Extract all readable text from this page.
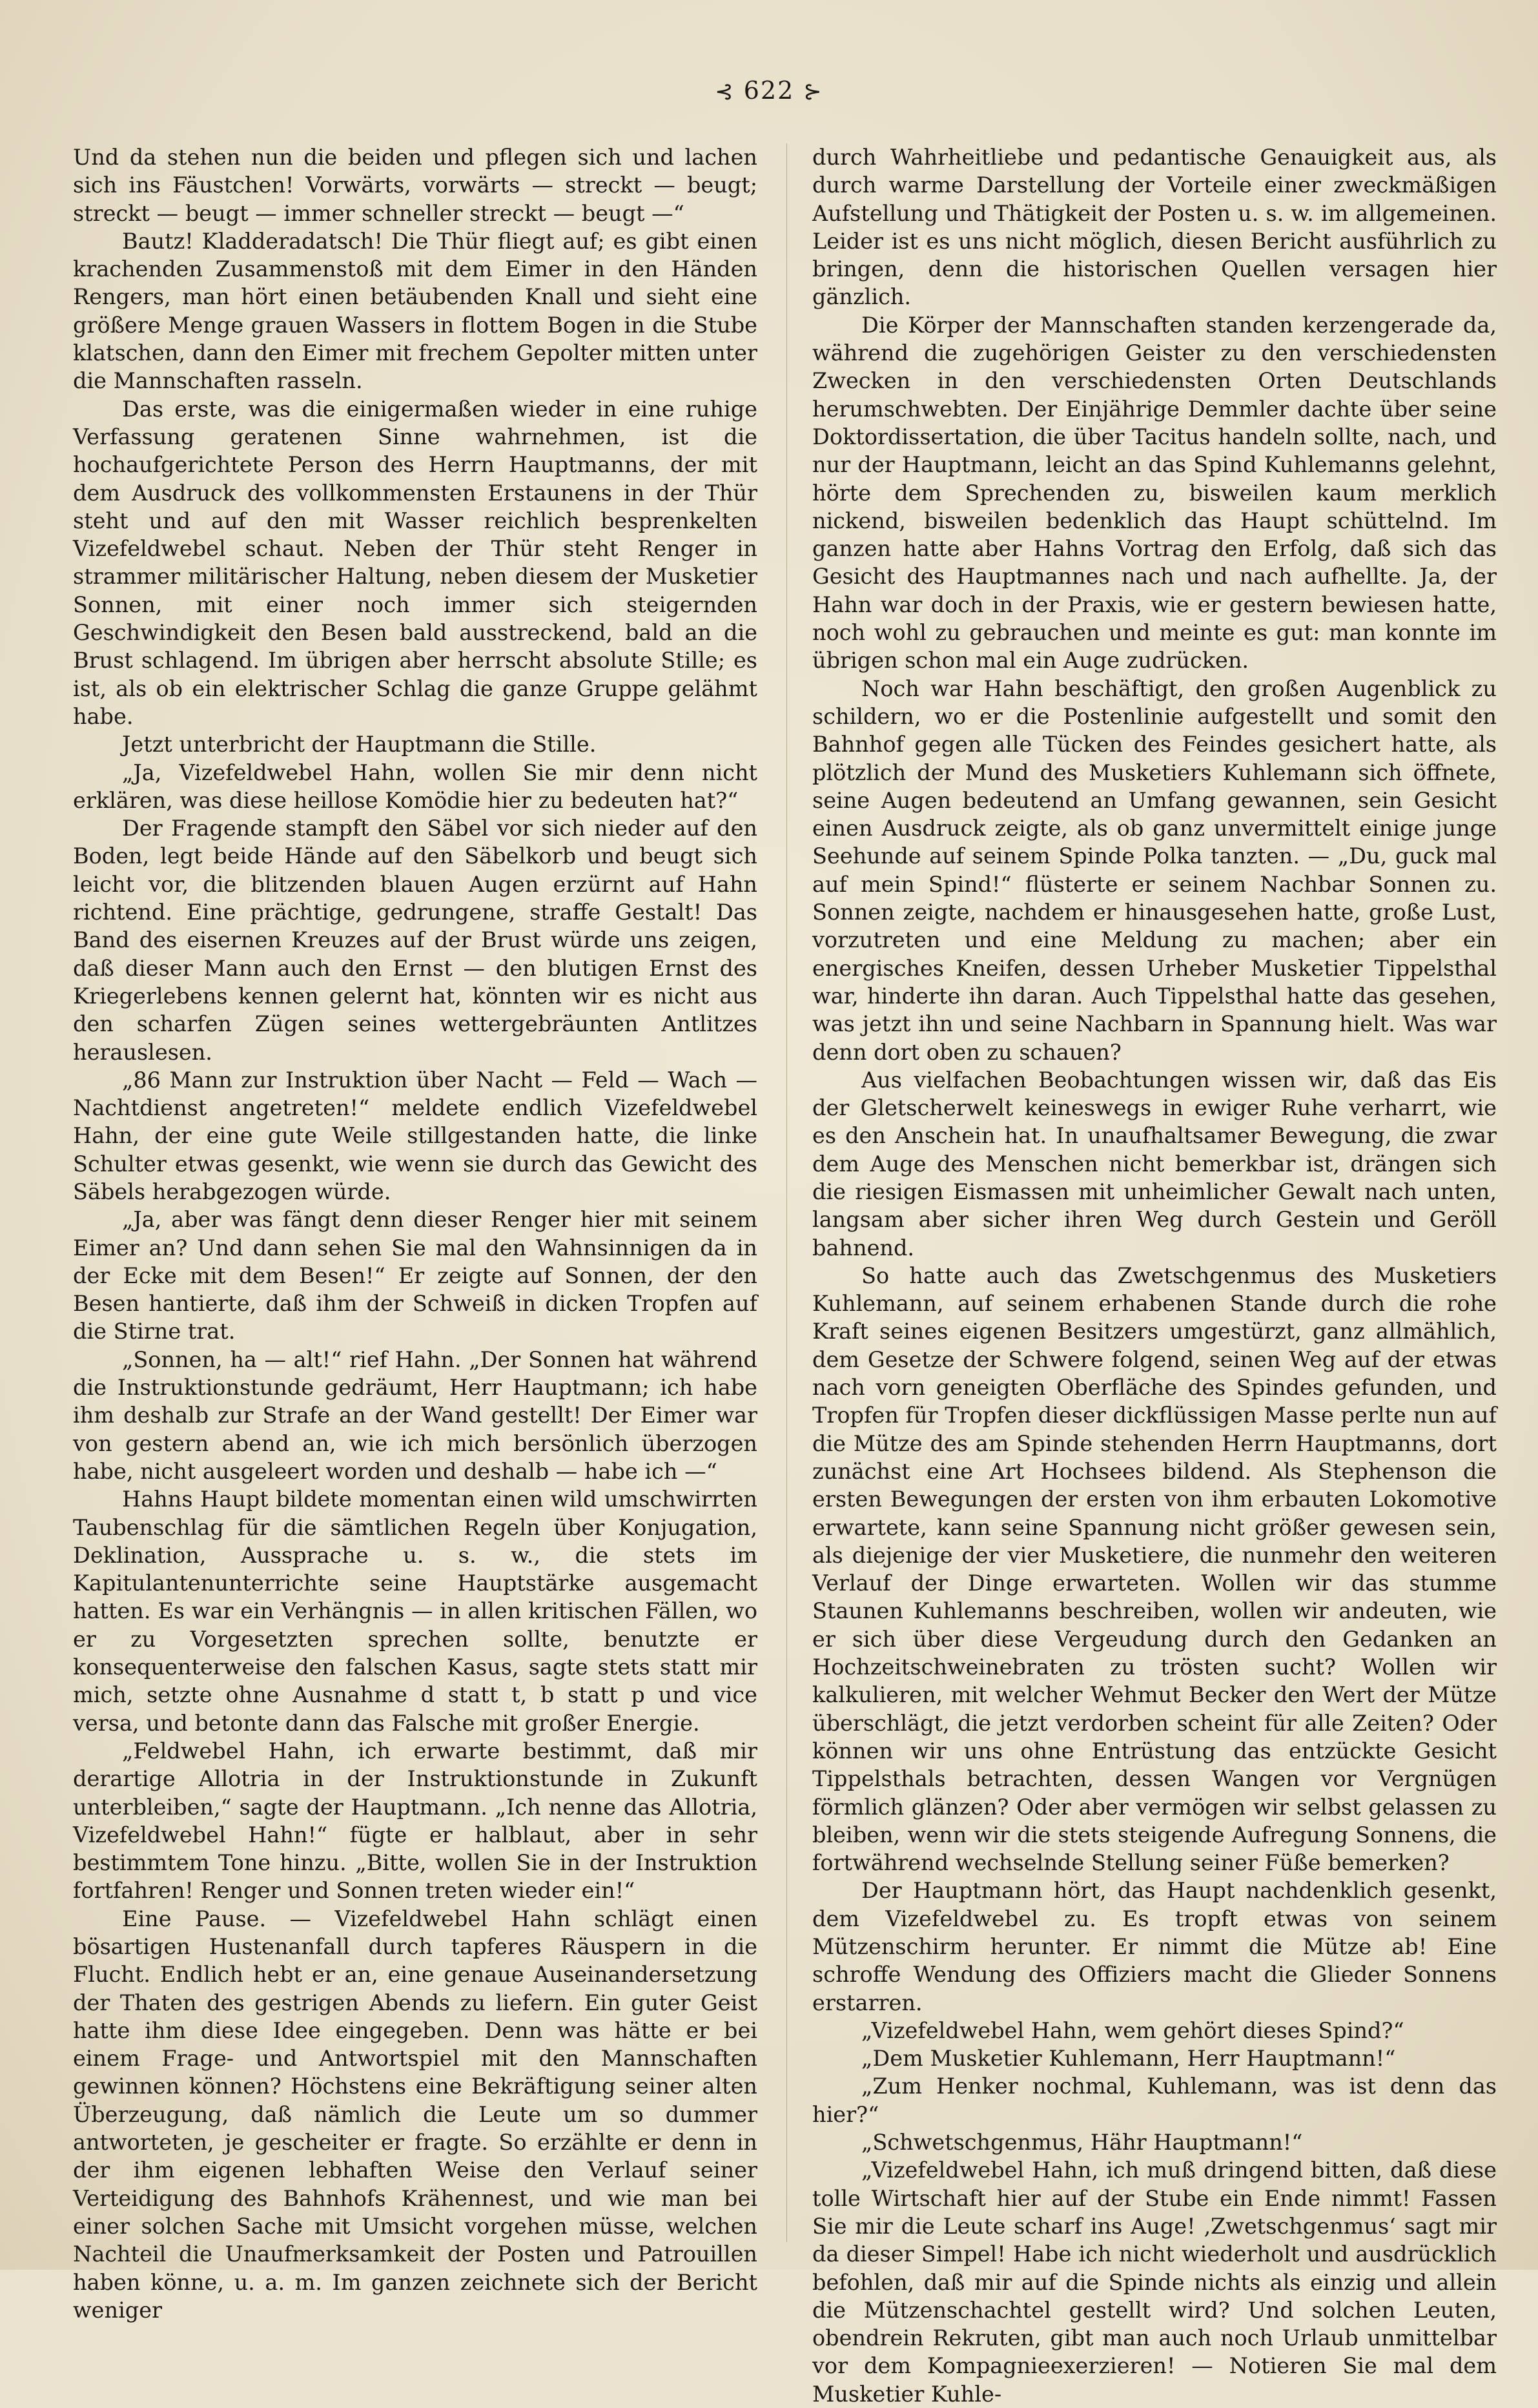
⊰ 622 ⊱

Und da stehen nun die beiden und pflegen sich und lachen sich ins Fäustchen! Vorwärts, vorwärts — streckt — beugt; streckt — beugt — immer schneller streckt — beugt —“

Bautz! Kladderadatsch! Die Thür fliegt auf; es gibt einen krachenden Zusammenstoß mit dem Eimer in den Händen Rengers, man hört einen betäubenden Knall und sieht eine größere Menge grauen Wassers in flottem Bogen in die Stube klatschen, dann den Eimer mit frechem Gepolter mitten unter die Mannschaften rasseln.

Das erste, was die einigermaßen wieder in eine ruhige Verfassung geratenen Sinne wahrnehmen, ist die hochaufgerichtete Person des Herrn Hauptmanns, der mit dem Ausdruck des vollkommensten Erstaunens in der Thür steht und auf den mit Wasser reichlich besprenkelten Vizefeldwebel schaut. Neben der Thür steht Renger in strammer militärischer Haltung, neben diesem der Musketier Sonnen, mit einer noch immer sich steigernden Geschwindigkeit den Besen bald ausstreckend, bald an die Brust schlagend. Im übrigen aber herrscht absolute Stille; es ist, als ob ein elektrischer Schlag die ganze Gruppe gelähmt habe.

Jetzt unterbricht der Hauptmann die Stille.

„Ja, Vizefeldwebel Hahn, wollen Sie mir denn nicht erklären, was diese heillose Komödie hier zu bedeuten hat?“

Der Fragende stampft den Säbel vor sich nieder auf den Boden, legt beide Hände auf den Säbelkorb und beugt sich leicht vor, die blitzenden blauen Augen erzürnt auf Hahn richtend. Eine prächtige, gedrungene, straffe Gestalt! Das Band des eisernen Kreuzes auf der Brust würde uns zeigen, daß dieser Mann auch den Ernst — den blutigen Ernst des Kriegerlebens kennen gelernt hat, könnten wir es nicht aus den scharfen Zügen seines wettergebräunten Antlitzes herauslesen.

„86 Mann zur Instruktion über Nacht — Feld — Wach — Nachtdienst angetreten!“ meldete endlich Vizefeldwebel Hahn, der eine gute Weile stillgestanden hatte, die linke Schulter etwas gesenkt, wie wenn sie durch das Gewicht des Säbels herabgezogen würde.

„Ja, aber was fängt denn dieser Renger hier mit seinem Eimer an? Und dann sehen Sie mal den Wahnsinnigen da in der Ecke mit dem Besen!“ Er zeigte auf Sonnen, der den Besen hantierte, daß ihm der Schweiß in dicken Tropfen auf die Stirne trat.

„Sonnen, ha — alt!“ rief Hahn. „Der Sonnen hat während die Instruktionstunde gedräumt, Herr Hauptmann; ich habe ihm deshalb zur Strafe an der Wand gestellt! Der Eimer war von gestern abend an, wie ich mich bersönlich überzogen habe, nicht ausgeleert worden und deshalb — habe ich —“

Hahns Haupt bildete momentan einen wild umschwirrten Taubenschlag für die sämtlichen Regeln über Konjugation, Deklination, Aussprache u. s. w., die stets im Kapitulantenunterrichte seine Hauptstärke ausgemacht hatten. Es war ein Verhängnis — in allen kritischen Fällen, wo er zu Vorgesetzten sprechen sollte, benutzte er konsequenterweise den falschen Kasus, sagte stets statt mir mich, setzte ohne Ausnahme d statt t, b statt p und vice versa, und betonte dann das Falsche mit großer Energie.

„Feldwebel Hahn, ich erwarte bestimmt, daß mir derartige Allotria in der Instruktionstunde in Zukunft unterbleiben,“ sagte der Hauptmann. „Ich nenne das Allotria, Vizefeldwebel Hahn!“ fügte er halblaut, aber in sehr bestimmtem Tone hinzu. „Bitte, wollen Sie in der Instruktion fortfahren! Renger und Sonnen treten wieder ein!“

Eine Pause. — Vizefeldwebel Hahn schlägt einen bösartigen Hustenanfall durch tapferes Räuspern in die Flucht. Endlich hebt er an, eine genaue Auseinandersetzung der Thaten des gestrigen Abends zu liefern. Ein guter Geist hatte ihm diese Idee eingegeben. Denn was hätte er bei einem Frage- und Antwortspiel mit den Mannschaften gewinnen können? Höchstens eine Bekräftigung seiner alten Überzeugung, daß nämlich die Leute um so dummer antworteten, je gescheiter er fragte. So erzählte er denn in der ihm eigenen lebhaften Weise den Verlauf seiner Verteidigung des Bahnhofs Krähennest, und wie man bei einer solchen Sache mit Umsicht vorgehen müsse, welchen Nachteil die Unaufmerksamkeit der Posten und Patrouillen haben könne, u. a. m. Im ganzen zeichnete sich der Bericht weniger

durch Wahrheitliebe und pedantische Genauigkeit aus, als durch warme Darstellung der Vorteile einer zweckmäßigen Aufstellung und Thätigkeit der Posten u. s. w. im allgemeinen. Leider ist es uns nicht möglich, diesen Bericht ausführlich zu bringen, denn die historischen Quellen versagen hier gänzlich.

Die Körper der Mannschaften standen kerzengerade da, während die zugehörigen Geister zu den verschiedensten Zwecken in den verschiedensten Orten Deutschlands herumschwebten. Der Einjährige Demmler dachte über seine Doktordissertation, die über Tacitus handeln sollte, nach, und nur der Hauptmann, leicht an das Spind Kuhlemanns gelehnt, hörte dem Sprechenden zu, bisweilen kaum merklich nickend, bisweilen bedenklich das Haupt schüttelnd. Im ganzen hatte aber Hahns Vortrag den Erfolg, daß sich das Gesicht des Hauptmannes nach und nach aufhellte. Ja, der Hahn war doch in der Praxis, wie er gestern bewiesen hatte, noch wohl zu gebrauchen und meinte es gut: man konnte im übrigen schon mal ein Auge zudrücken.

Noch war Hahn beschäftigt, den großen Augenblick zu schildern, wo er die Postenlinie aufgestellt und somit den Bahnhof gegen alle Tücken des Feindes gesichert hatte, als plötzlich der Mund des Musketiers Kuhlemann sich öffnete, seine Augen bedeutend an Umfang gewannen, sein Gesicht einen Ausdruck zeigte, als ob ganz unvermittelt einige junge Seehunde auf seinem Spinde Polka tanzten. — „Du, guck mal auf mein Spind!“ flüsterte er seinem Nachbar Sonnen zu. Sonnen zeigte, nachdem er hinausgesehen hatte, große Lust, vorzutreten und eine Meldung zu machen; aber ein energisches Kneifen, dessen Urheber Musketier Tippelsthal war, hinderte ihn daran. Auch Tippelsthal hatte das gesehen, was jetzt ihn und seine Nachbarn in Spannung hielt. Was war denn dort oben zu schauen?

Aus vielfachen Beobachtungen wissen wir, daß das Eis der Gletscherwelt keineswegs in ewiger Ruhe verharrt, wie es den Anschein hat. In unaufhaltsamer Bewegung, die zwar dem Auge des Menschen nicht bemerkbar ist, drängen sich die riesigen Eismassen mit unheimlicher Gewalt nach unten, langsam aber sicher ihren Weg durch Gestein und Geröll bahnend.

So hatte auch das Zwetschgenmus des Musketiers Kuhlemann, auf seinem erhabenen Stande durch die rohe Kraft seines eigenen Besitzers umgestürzt, ganz allmählich, dem Gesetze der Schwere folgend, seinen Weg auf der etwas nach vorn geneigten Oberfläche des Spindes gefunden, und Tropfen für Tropfen dieser dickflüssigen Masse perlte nun auf die Mütze des am Spinde stehenden Herrn Hauptmanns, dort zunächst eine Art Hochsees bildend. Als Stephenson die ersten Bewegungen der ersten von ihm erbauten Lokomotive erwartete, kann seine Spannung nicht größer gewesen sein, als diejenige der vier Musketiere, die nunmehr den weiteren Verlauf der Dinge erwarteten. Wollen wir das stumme Staunen Kuhlemanns beschreiben, wollen wir andeuten, wie er sich über diese Vergeudung durch den Gedanken an Hochzeitschweinebraten zu trösten sucht? Wollen wir kalkulieren, mit welcher Wehmut Becker den Wert der Mütze überschlägt, die jetzt verdorben scheint für alle Zeiten? Oder können wir uns ohne Entrüstung das entzückte Gesicht Tippelsthals betrachten, dessen Wangen vor Vergnügen förmlich glänzen? Oder aber vermögen wir selbst gelassen zu bleiben, wenn wir die stets steigende Aufregung Sonnens, die fortwährend wechselnde Stellung seiner Füße bemerken?

Der Hauptmann hört, das Haupt nachdenklich gesenkt, dem Vizefeldwebel zu. Es tropft etwas von seinem Mützenschirm herunter. Er nimmt die Mütze ab! Eine schroffe Wendung des Offiziers macht die Glieder Sonnens erstarren.

„Vizefeldwebel Hahn, wem gehört dieses Spind?“

„Dem Musketier Kuhlemann, Herr Hauptmann!“

„Zum Henker nochmal, Kuhlemann, was ist denn das hier?“

„Schwetschgenmus, Hähr Hauptmann!“

„Vizefeldwebel Hahn, ich muß dringend bitten, daß diese tolle Wirtschaft hier auf der Stube ein Ende nimmt! Fassen Sie mir die Leute scharf ins Auge! ‚Zwetschgenmus‘ sagt mir da dieser Simpel! Habe ich nicht wiederholt und ausdrücklich befohlen, daß mir auf die Spinde nichts als einzig und allein die Mützenschachtel gestellt wird? Und solchen Leuten, obendrein Rekruten, gibt man auch noch Urlaub unmittelbar vor dem Kompagnieexerzieren! — Notieren Sie mal dem Musketier Kuhle-
